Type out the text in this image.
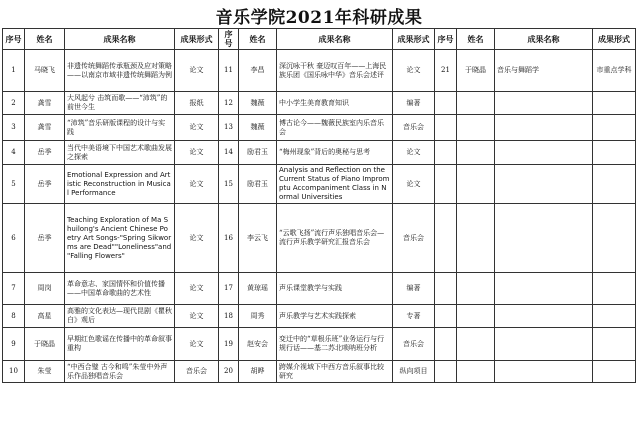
音乐学院2021年科研成果
序号	姓名	成果名称	成果形式	序号	姓名	成果名称	成果形式	序号	姓名	成果名称	成果形式
1	马晓飞	非遗传统舞蹈传承瓶颈及应对策略——以南京市域非遗传统舞蹈为例	论文	11	李昌	深沉咏干秋 豪迈叹百年——上海民族乐团《国乐咏中华》音乐会述评	论文	21	于晓晶	音乐与舞蹈学	市重点学科
2	龚雪	大风起兮 击筑而歌——“沛筑”的前世今生	报纸	12	魏薇	中小学生美育教育知识	编著				
3	龚雪	“沛筑”音乐研版课程的设计与实践	论文	13	魏薇	博古论今——魏薇民族室内乐音乐会	音乐会				
4	岳季	当代中美语境下中国艺术歌曲发展之探索	论文	14	励君玉	“梅州现象”背后的奥秘与思考	论文				
5	岳季	Emotional Expression and Artistic Reconstruction in Musical Performance	论文	15	励君玉	Analysis and Reflection on the Current Status of Piano Impromptu Accompaniment Class in Normal Universities	论文				
6	岳季	Teaching Exploration of Ma Shuilong's Ancient Chinese Poetry Art Songs-"Spring Sikworms are Dead""Loneliness"and "Falling Flowers"	论文	16	李云飞	“云歌飞扬”流行声乐独唱音乐会—流行声乐教学研究汇报音乐会	音乐会				
7	周岗	革命意志、家国情怀和价值传播——中国革命歌曲的艺术性	论文	17	黄琼瑶	声乐课堂教学与实践	编著				
8	高星	高雅的文化表达—现代昆剧《瞿秋白》观后	论文	18	周秀	声乐教学与艺术实践探索	专著				
9	于晓晶	早期红色歌谣在传播中的革命叙事重构	论文	19	赵安会	变迁中的“草根乐班”业务运行与行规行话——基二苏北唢呐班分析	音乐会				
10	朱莹	“中西合璧 古今和鸣”朱莹中外声乐作品独唱音乐会	音乐会	20	胡晔	跨媒介视域下中西方音乐叙事比较研究	纵向项目				
